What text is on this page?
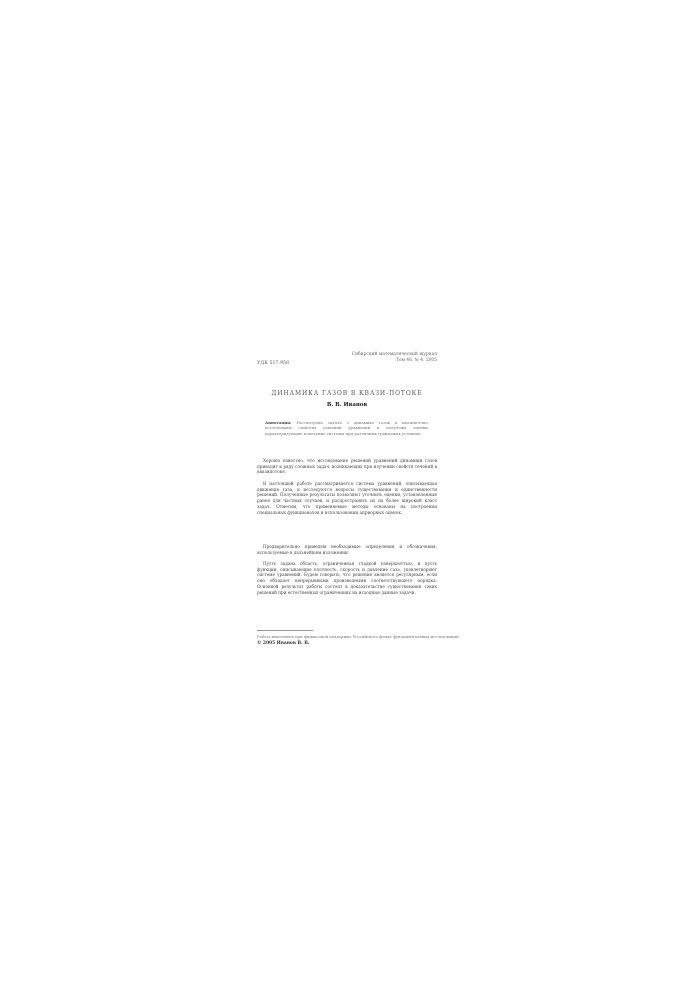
УДК 517.958
Сибирский математический журнал
Том 46, № 4, 2005
ДИНАМИКА ГАЗОВ В КВАЗИ-ПОТОКЕ
В. В. Иванов
Аннотация: Рассмотрена задача о динамике газов в квазипотоке, исследованы свойства решений уравнений и получены оценки, характеризующие поведение системы при различных граничных условиях.

Хорошо известно, что исследование решений уравнений динамики газов приводит к ряду сложных задач, возникающих при изучении свойств течений в квазипотоке.

В настоящей работе рассматривается система уравнений, описывающая движение газа, и исследуются вопросы существования и единственности решений. Полученные результаты позволяют уточнить оценки, установленные ранее для частных случаев, и распространить их на более широкий класс задач. Отметим, что применяемые методы основаны на построении специальных функционалов и использовании априорных оценок.

Предварительно приведем необходимые определения и обозначения, используемые в дальнейшем изложении.

Пусть задана область, ограниченная гладкой поверхностью, и пусть функции, описывающие плотность, скорость и давление газа, удовлетворяют системе уравнений. Будем говорить, что решение является регулярным, если оно обладает непрерывными производными соответствующего порядка. Основной результат работы состоит в доказательстве существования таких решений при естественных ограничениях на исходные данные задачи.

Работа выполнена при финансовой поддержке Российского фонда фундаментальных исследований.
© 2005 Иванов В. В.
